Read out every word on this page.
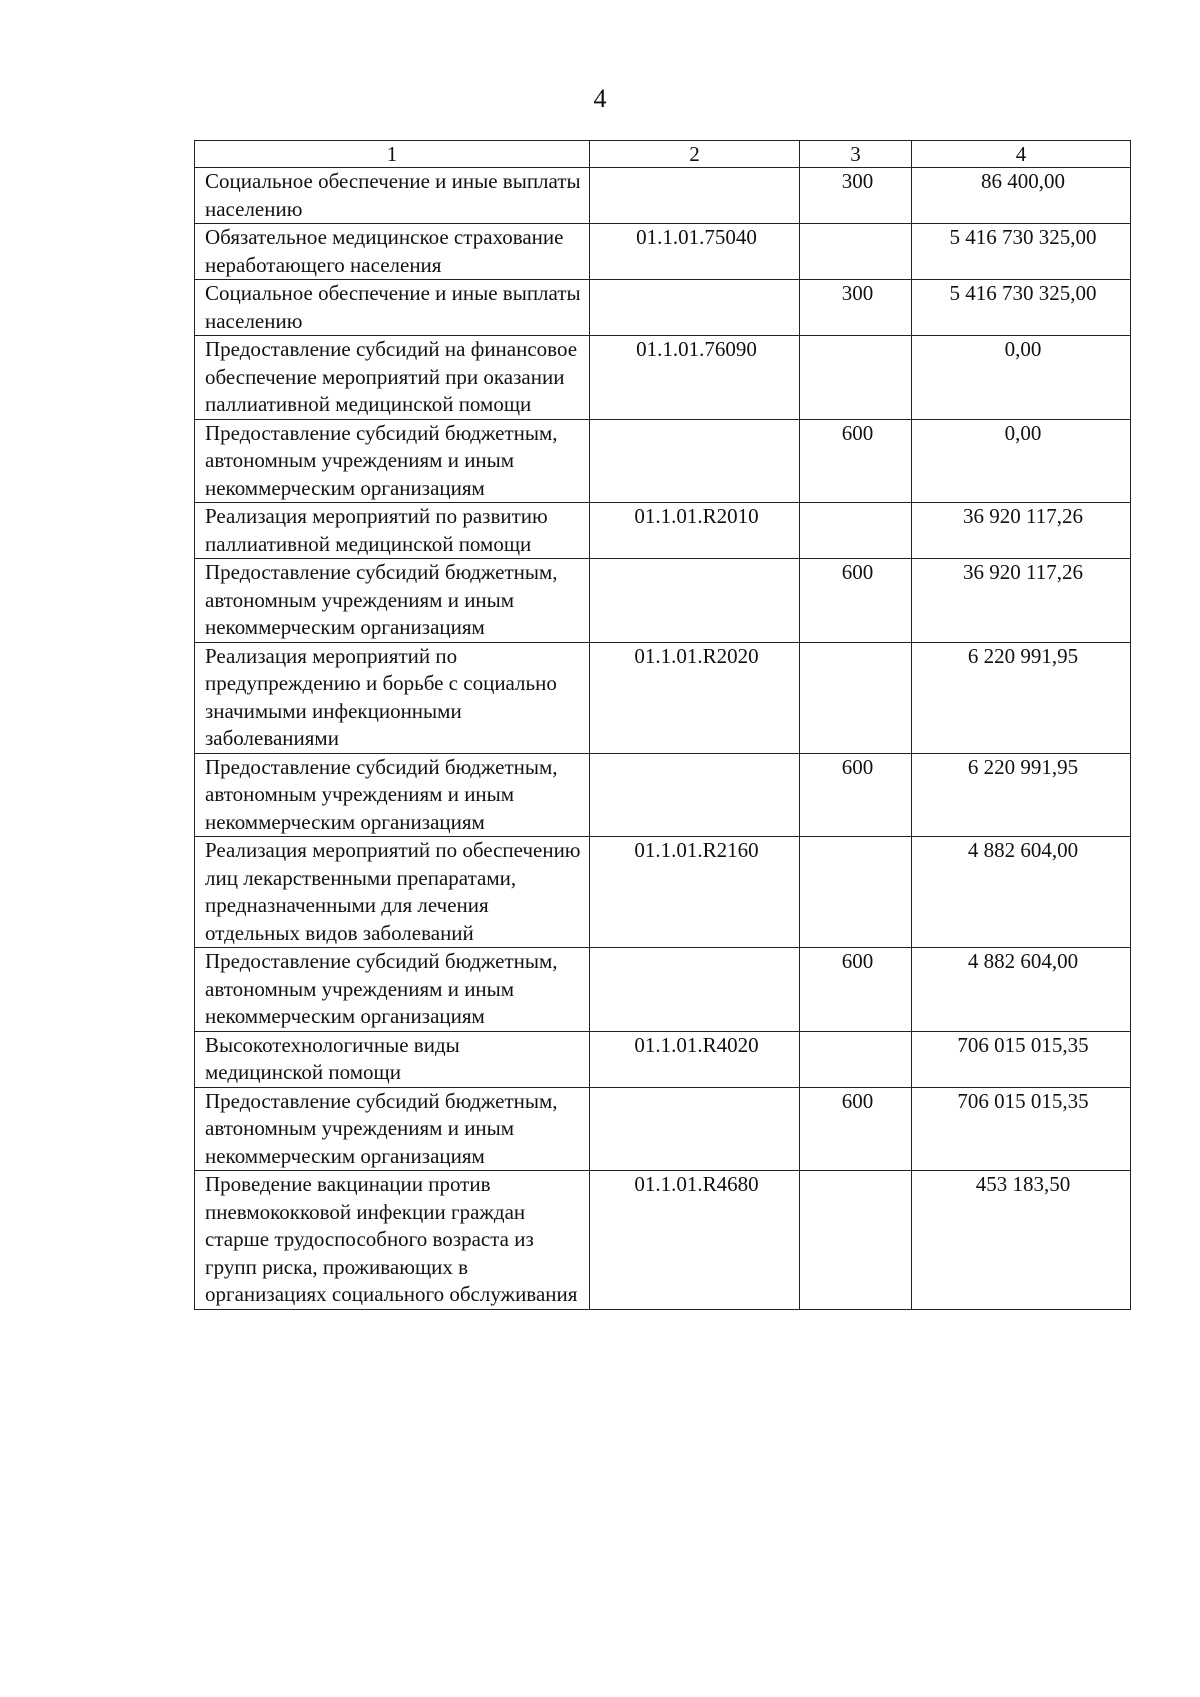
4
1	2	3	4
Социальное обеспечение и иные выплаты населению		300	86 400,00
Обязательное медицинское страхование неработающего населения	01.1.01.75040		5 416 730 325,00
Социальное обеспечение и иные выплаты населению		300	5 416 730 325,00
Предоставление субсидий на финансовое обеспечение мероприятий при оказании паллиативной медицинской помощи	01.1.01.76090		0,00
Предоставление субсидий бюджетным, автономным учреждениям и иным некоммерческим организациям		600	0,00
Реализация мероприятий по развитию паллиативной медицинской помощи	01.1.01.R2010		36 920 117,26
Предоставление субсидий бюджетным, автономным учреждениям и иным некоммерческим организациям		600	36 920 117,26
Реализация мероприятий по предупреждению и борьбе с социально значимыми инфекционными заболеваниями	01.1.01.R2020		6 220 991,95
Предоставление субсидий бюджетным, автономным учреждениям и иным некоммерческим организациям		600	6 220 991,95
Реализация мероприятий по обеспечению лиц лекарственными препаратами, предназначенными для лечения отдельных видов заболеваний	01.1.01.R2160		4 882 604,00
Предоставление субсидий бюджетным, автономным учреждениям и иным некоммерческим организациям		600	4 882 604,00
Высокотехнологичные виды медицинской помощи	01.1.01.R4020		706 015 015,35
Предоставление субсидий бюджетным, автономным учреждениям и иным некоммерческим организациям		600	706 015 015,35
Проведение вакцинации против пневмококковой инфекции граждан старше трудоспособного возраста из групп риска, проживающих в организациях социального обслуживания	01.1.01.R4680		453 183,50
